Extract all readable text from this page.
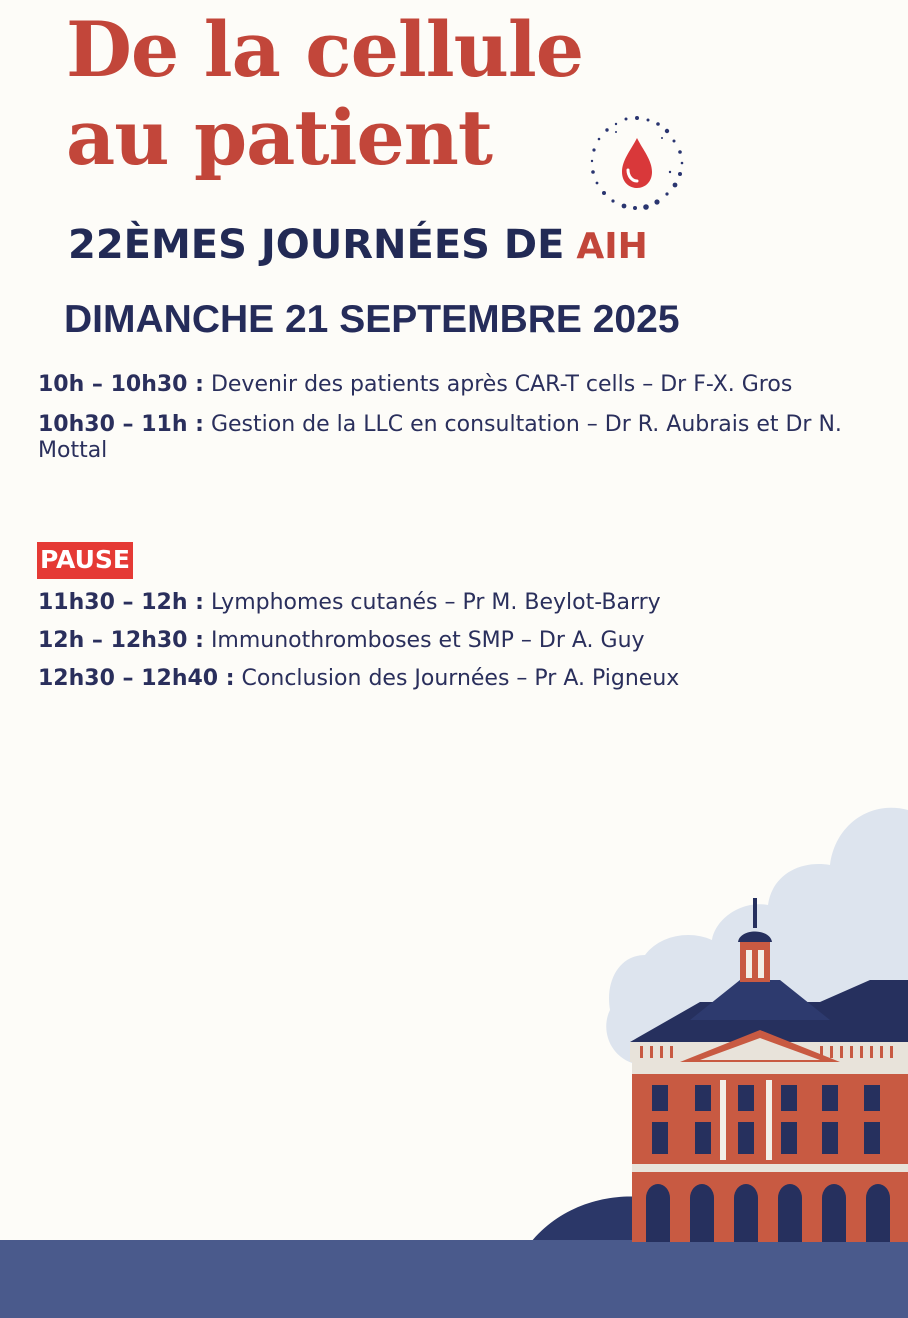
De la cellule
au patient
22ÈMES JOURNÉES DE AIH
DIMANCHE 21 SEPTEMBRE 2025
10h – 10h30 : Devenir des patients après CAR-T cells – Dr F-X. Gros
10h30 – 11h : Gestion de la LLC en consultation – Dr R. Aubrais et Dr N. Mottal
PAUSE
11h30 – 12h : Lymphomes cutanés – Pr M. Beylot-Barry
12h – 12h30 : Immunothromboses et SMP – Dr A. Guy
12h30 – 12h40 : Conclusion des Journées – Pr A. Pigneux
